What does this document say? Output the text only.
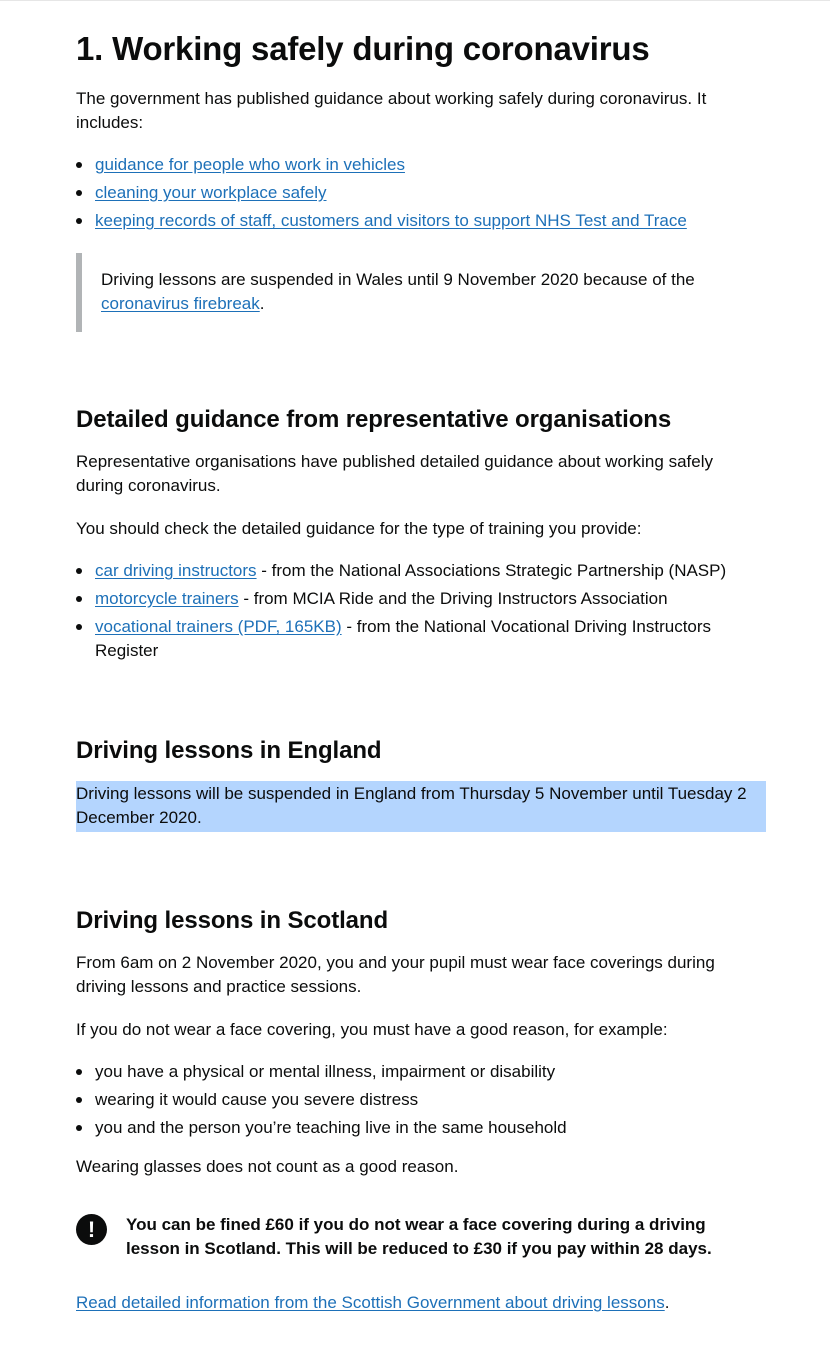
1. Working safely during coronavirus

The government has published guidance about working safely during coronavirus. It includes:

guidance for people who work in vehicles
cleaning your workplace safely
keeping records of staff, customers and visitors to support NHS Test and Trace

Driving lessons are suspended in Wales until 9 November 2020 because of the coronavirus firebreak.

Detailed guidance from representative organisations

Representative organisations have published detailed guidance about working safely during coronavirus.

You should check the detailed guidance for the type of training you provide:

car driving instructors - from the National Associations Strategic Partnership (NASP)
motorcycle trainers - from MCIA Ride and the Driving Instructors Association
vocational trainers (PDF, 165KB) - from the National Vocational Driving Instructors Register
Driving lessons in England

Driving lessons will be suspended in England from Thursday 5 November until Tuesday 2 December 2020.

Driving lessons in Scotland

From 6am on 2 November 2020, you and your pupil must wear face coverings during driving lessons and practice sessions.

If you do not wear a face covering, you must have a good reason, for example:

you have a physical or mental illness, impairment or disability
wearing it would cause you severe distress
you and the person you’re teaching live in the same household

Wearing glasses does not count as a good reason.

!	You can be fined £60 if you do not wear a face covering during a driving lesson in Scotland. This will be reduced to £30 if you pay within 28 days.

Read detailed information from the Scottish Government about driving lessons.
